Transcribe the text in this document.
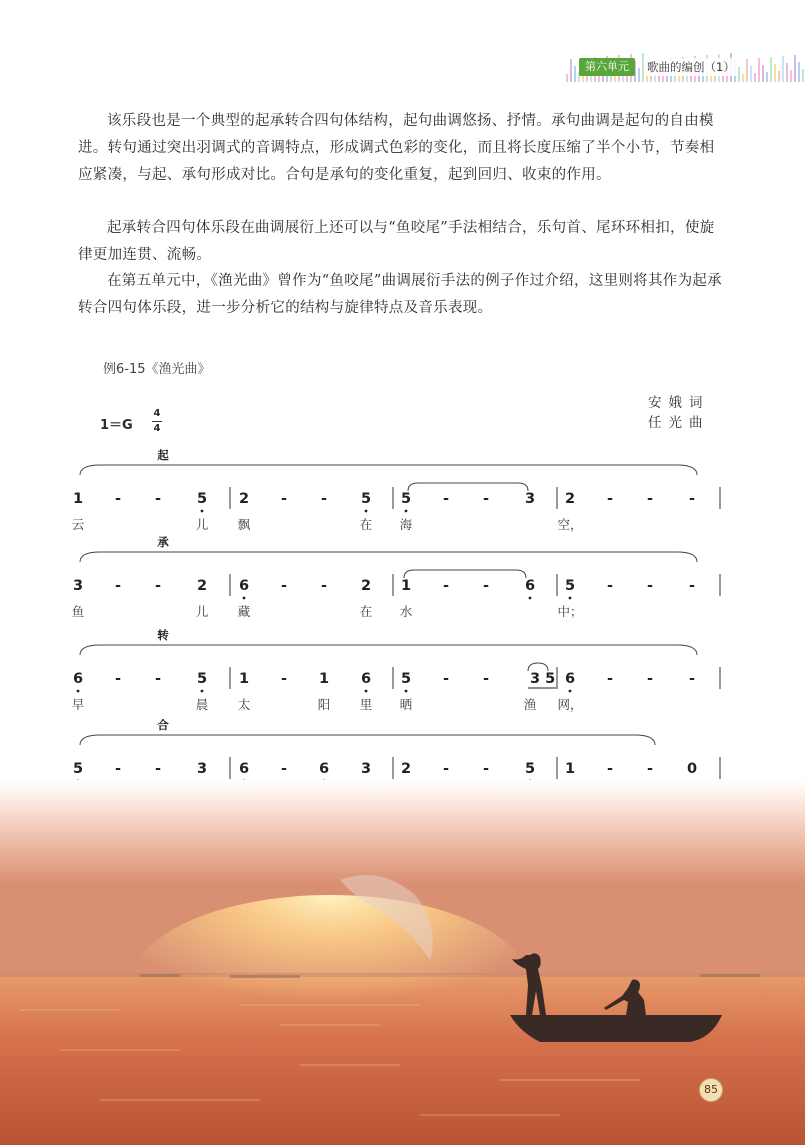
第六单元	歌曲的编创（1）

该乐段也是一个典型的起承转合四句体结构，起句曲调悠扬、抒情。承句曲调是起句的自由模进。转句通过突出羽调式的音调特点，形成调式色彩的变化，而且将长度压缩了半个小节，节奏相应紧凑，与起、承句形成对比。合句是承句的变化重复，起到回归、收束的作用。

起承转合四句体乐段在曲调展衍上还可以与“鱼咬尾”手法相结合，乐句首、尾环环相扣，使旋律更加连贯、流畅。

在第五单元中，《渔光曲》曾作为“鱼咬尾”曲调展衍手法的例子作过介绍，这里则将其作为起承转合四句体乐段，进一步分析它的结构与旋律特点及音乐表现。

例6-15《渔光曲》
安娥词
任光曲
1＝G
4
4
起
1
云
- - 5
儿
2
飘
- - 5
在
5
海
- - 3 2
空，
- - -
承
3
鱼
- - 2
儿
6
藏
- - 2
在
1
水
- - 6 5
中；
- - -
转
6
早
- - 5
晨
1
太
- 1
阳
6
里
5
晒
- -	3 5
渔
6
网，
- - -
合
5 - - 3 6 - 6 3 2 - - 5 1 - - 0
85
